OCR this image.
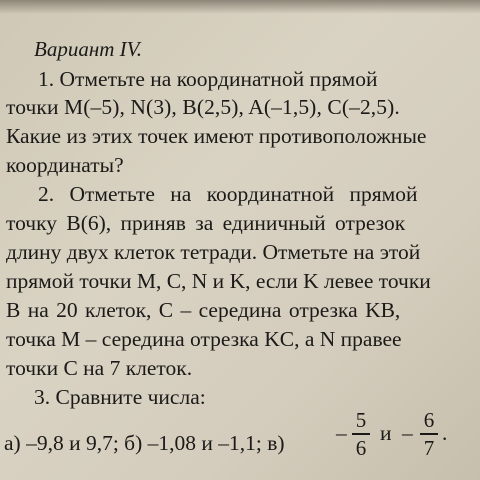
Вариант IV.
1. Отметьте на координатной прямой
точки M(–5), N(3), B(2,5), A(–1,5), C(–2,5).
Какие из этих точек имеют противоположные
координаты?
2. Отметьте на координатной прямой
точку B(6), приняв за единичный отрезок
длину двух клеток тетради. Отметьте на этой
прямой точки M, C, N и K, если K левее точки
B на 20 клеток, C – середина отрезка KB,
точка M – середина отрезка KC, а N правее
точки C на 7 клеток.
3. Сравните числа:
а) –9,8 и 9,7; б) –1,08 и –1,1; в) –
5
6
и –
6
7
.
